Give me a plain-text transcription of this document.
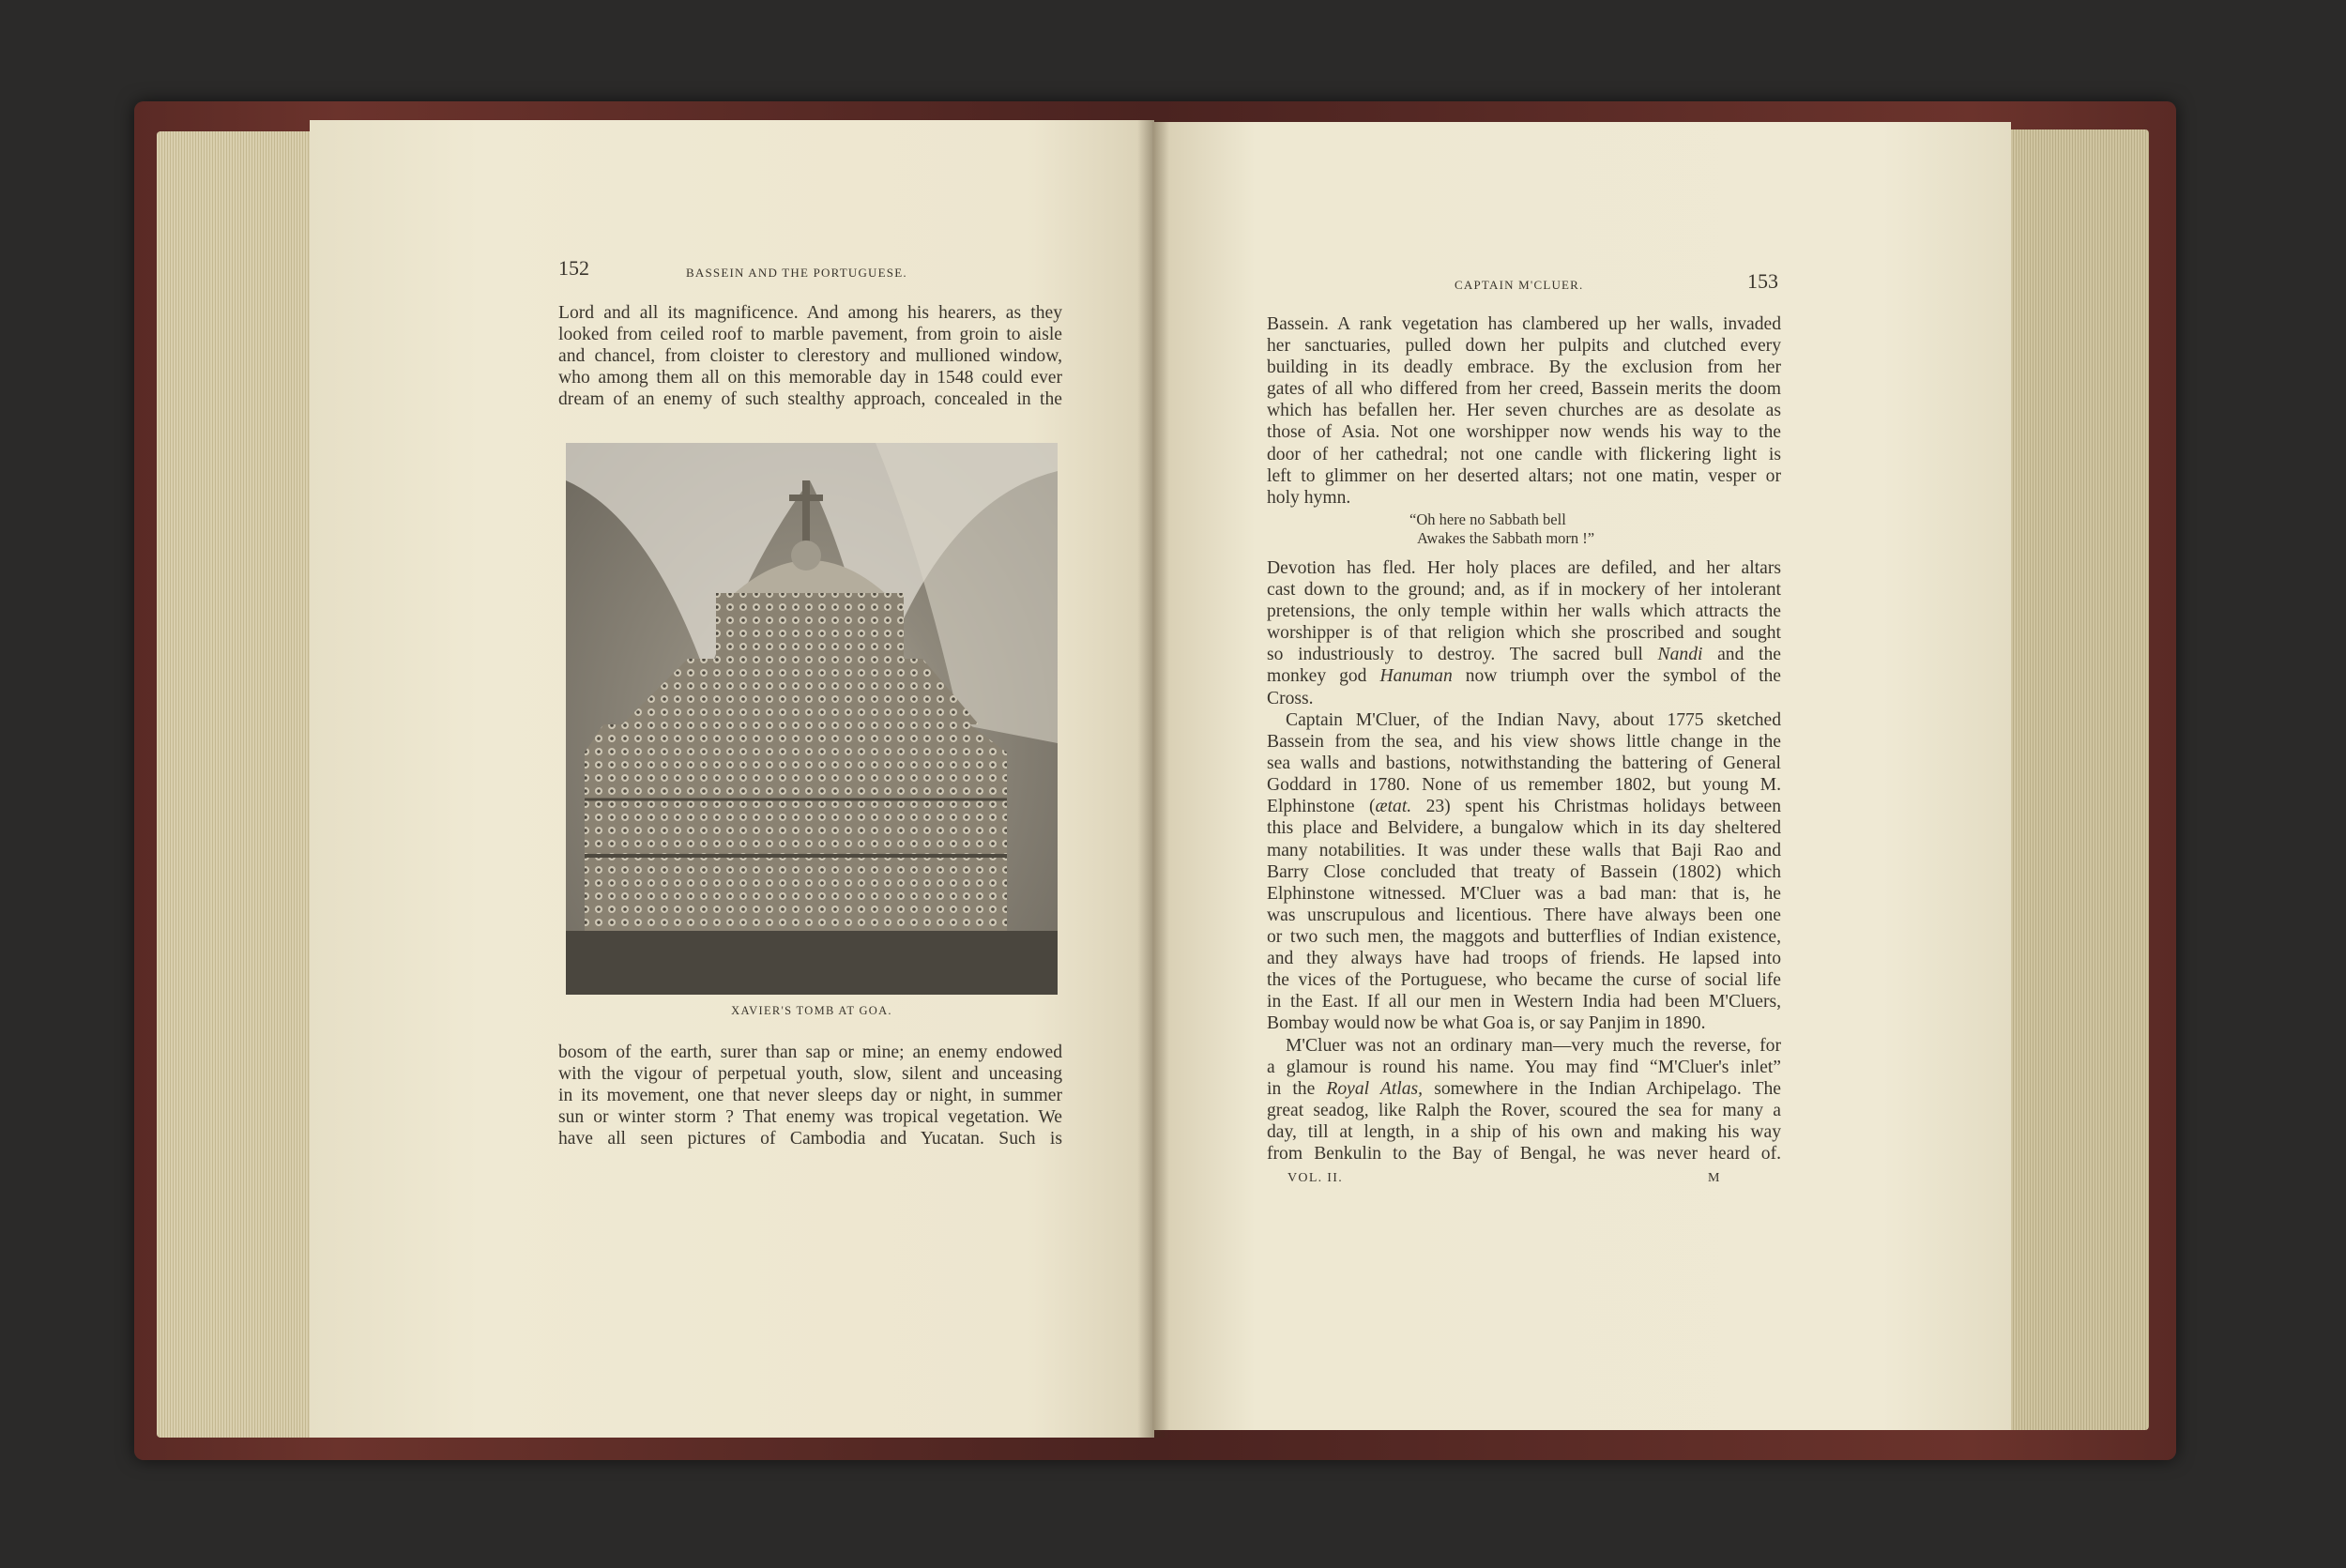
152	BASSEIN AND THE PORTUGUESE.
Lord and all its magnificence. And among his hearers, as they
looked from ceiled roof to marble pavement, from groin to aisle
and chancel, from cloister to clerestory and mullioned window,
who among them all on this memorable day in 1548 could ever
dream of an enemy of such stealthy approach, concealed in the
XAVIER'S TOMB AT GOA.
bosom of the earth, surer than sap or mine; an enemy endowed
with the vigour of perpetual youth, slow, silent and unceasing
in its movement, one that never sleeps day or night, in summer
sun or winter storm ? That enemy was tropical vegetation. We
have all seen pictures of Cambodia and Yucatan. Such is
CAPTAIN M'CLUER.	153
Bassein. A rank vegetation has clambered up her walls, invaded
her sanctuaries, pulled down her pulpits and clutched every
building in its deadly embrace. By the exclusion from her
gates of all who differed from her creed, Bassein merits the doom
which has befallen her. Her seven churches are as desolate as
those of Asia. Not one worshipper now wends his way to the
door of her cathedral; not one candle with flickering light is
left to glimmer on her deserted altars; not one matin, vesper or
holy hymn.
“Oh here no Sabbath bell
Awakes the Sabbath morn !”
Devotion has fled. Her holy places are defiled, and her altars
cast down to the ground; and, as if in mockery of her intolerant
pretensions, the only temple within her walls which attracts the
worshipper is of that religion which she proscribed and sought
so industriously to destroy. The sacred bull Nandi and the
monkey god Hanuman now triumph over the symbol of the
Cross.
Captain M'Cluer, of the Indian Navy, about 1775 sketched
Bassein from the sea, and his view shows little change in the
sea walls and bastions, notwithstanding the battering of General
Goddard in 1780. None of us remember 1802, but young M.
Elphinstone (ætat. 23) spent his Christmas holidays between
this place and Belvidere, a bungalow which in its day sheltered
many notabilities. It was under these walls that Baji Rao and
Barry Close concluded that treaty of Bassein (1802) which
Elphinstone witnessed. M'Cluer was a bad man: that is, he
was unscrupulous and licentious. There have always been one
or two such men, the maggots and butterflies of Indian existence,
and they always have had troops of friends. He lapsed into
the vices of the Portuguese, who became the curse of social life
in the East. If all our men in Western India had been M'Cluers,
Bombay would now be what Goa is, or say Panjim in 1890.
M'Cluer was not an ordinary man—very much the reverse, for
a glamour is round his name. You may find “M'Cluer's inlet”
in the Royal Atlas, somewhere in the Indian Archipelago. The
great seadog, like Ralph the Rover, scoured the sea for many a
day, till at length, in a ship of his own and making his way
from Benkulin to the Bay of Bengal, he was never heard of.
VOL. II.	M
